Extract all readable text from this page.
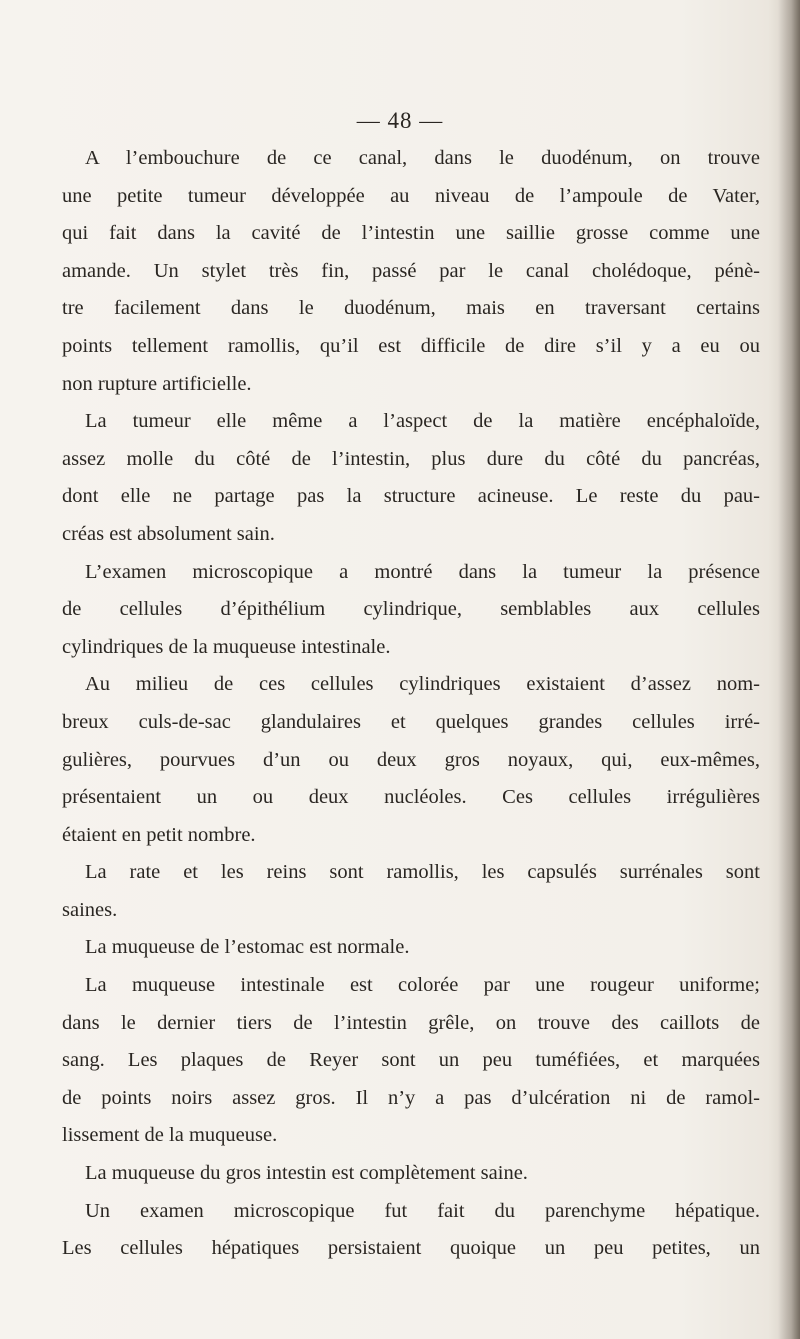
— 48 —
A l’embouchure de ce canal, dans le duodénum, on trouve
une petite tumeur développée au niveau de l’ampoule de Vater,
qui fait dans la cavité de l’intestin une saillie grosse comme une
amande. Un stylet très fin, passé par le canal cholédoque, pénè-
tre facilement dans le duodénum, mais en traversant certains
points tellement ramollis, qu’il est difficile de dire s’il y a eu ou
non rupture artificielle.
La tumeur elle même a l’aspect de la matière encéphaloïde,
assez molle du côté de l’intestin, plus dure du côté du pancréas,
dont elle ne partage pas la structure acineuse. Le reste du pau-
créas est absolument sain.
L’examen microscopique a montré dans la tumeur la présence
de cellules d’épithélium cylindrique, semblables aux cellules
cylindriques de la muqueuse intestinale.
Au milieu de ces cellules cylindriques existaient d’assez nom-
breux culs-de-sac glandulaires et quelques grandes cellules irré-
gulières, pourvues d’un ou deux gros noyaux, qui, eux-mêmes,
présentaient un ou deux nucléoles. Ces cellules irrégulières
étaient en petit nombre.
La rate et les reins sont ramollis, les capsulés surrénales sont
saines.
La muqueuse de l’estomac est normale.
La muqueuse intestinale est colorée par une rougeur uniforme;
dans le dernier tiers de l’intestin grêle, on trouve des caillots de
sang. Les plaques de Reyer sont un peu tuméfiées, et marquées
de points noirs assez gros. Il n’y a pas d’ulcération ni de ramol-
lissement de la muqueuse.
La muqueuse du gros intestin est complètement saine.
Un examen microscopique fut fait du parenchyme hépatique.
Les cellules hépatiques persistaient quoique un peu petites, un
